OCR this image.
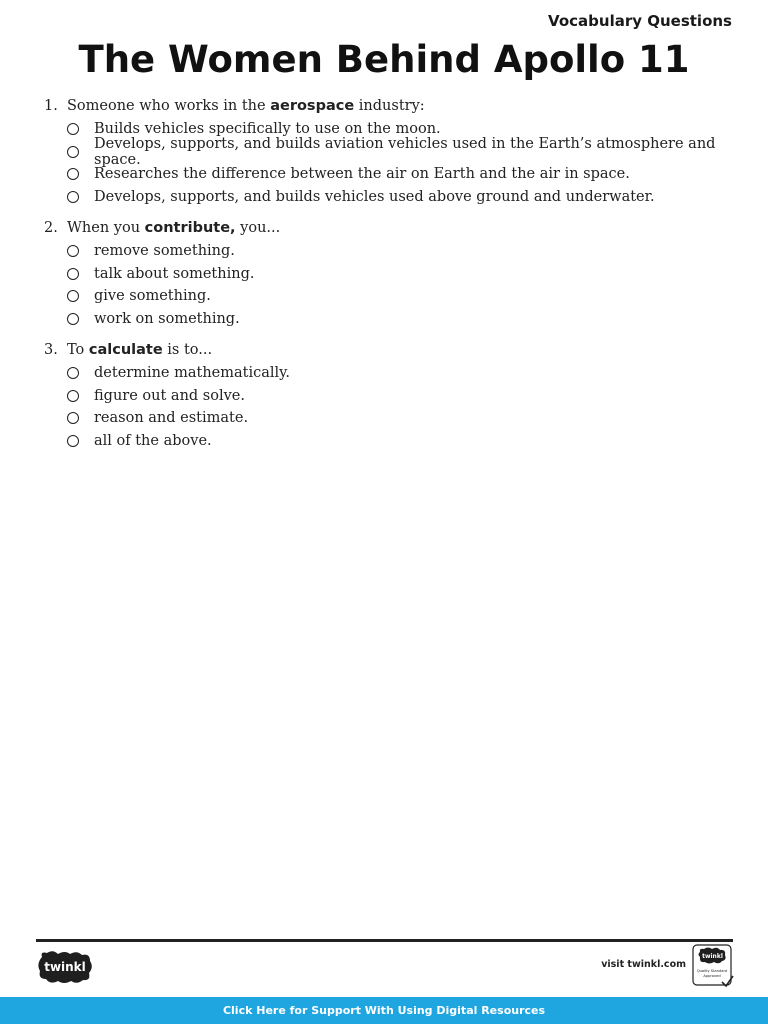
Vocabulary Questions
The Women Behind Apollo 11
1. Someone who works in the aerospace industry:
Builds vehicles specifically to use on the moon.
Develops, supports, and builds aviation vehicles used in the Earth’s atmosphere and space.
Researches the difference between the air on Earth and the air in space.
Develops, supports, and builds vehicles used above ground and underwater.
2. When you contribute, you...
remove something.
talk about something.
give something.
work on something.
3. To calculate is to...
determine mathematically.
figure out and solve.
reason and estimate.
all of the above.
twinkl	visit twinkl.com
twinkl
Quality Standard
Approved
Click Here for Support With Using Digital Resources
